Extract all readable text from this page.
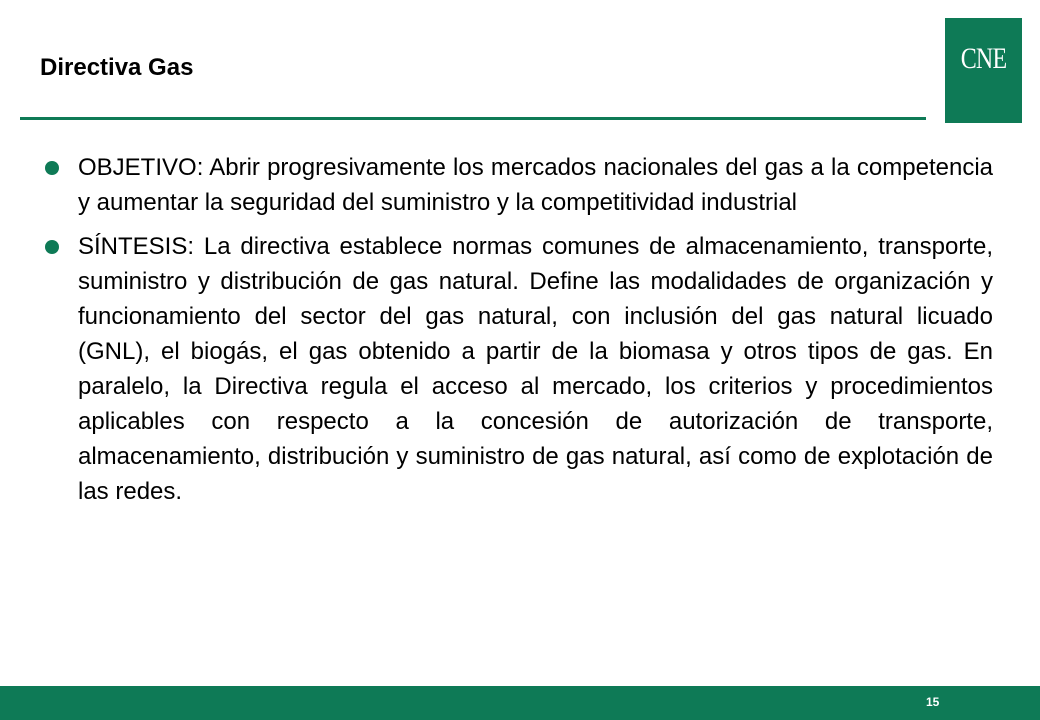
Directiva Gas	CNE
OBJETIVO: Abrir progresivamente los mercados nacionales del gas a la competencia y aumentar la seguridad del suministro y la competitividad industrial
SÍNTESIS: La directiva establece normas comunes de almacenamiento, transporte, suministro y distribución de gas natural. Define las modalidades de organización y funcionamiento del sector del gas natural, con inclusión del gas natural licuado (GNL), el biogás, el gas obtenido a partir de la biomasa y otros tipos de gas. En paralelo, la Directiva regula el acceso al mercado, los criterios y procedimientos aplicables con respecto a la concesión de autorización de transporte, almacenamiento, distribución y suministro de gas natural, así como de explotación de las redes.
15
